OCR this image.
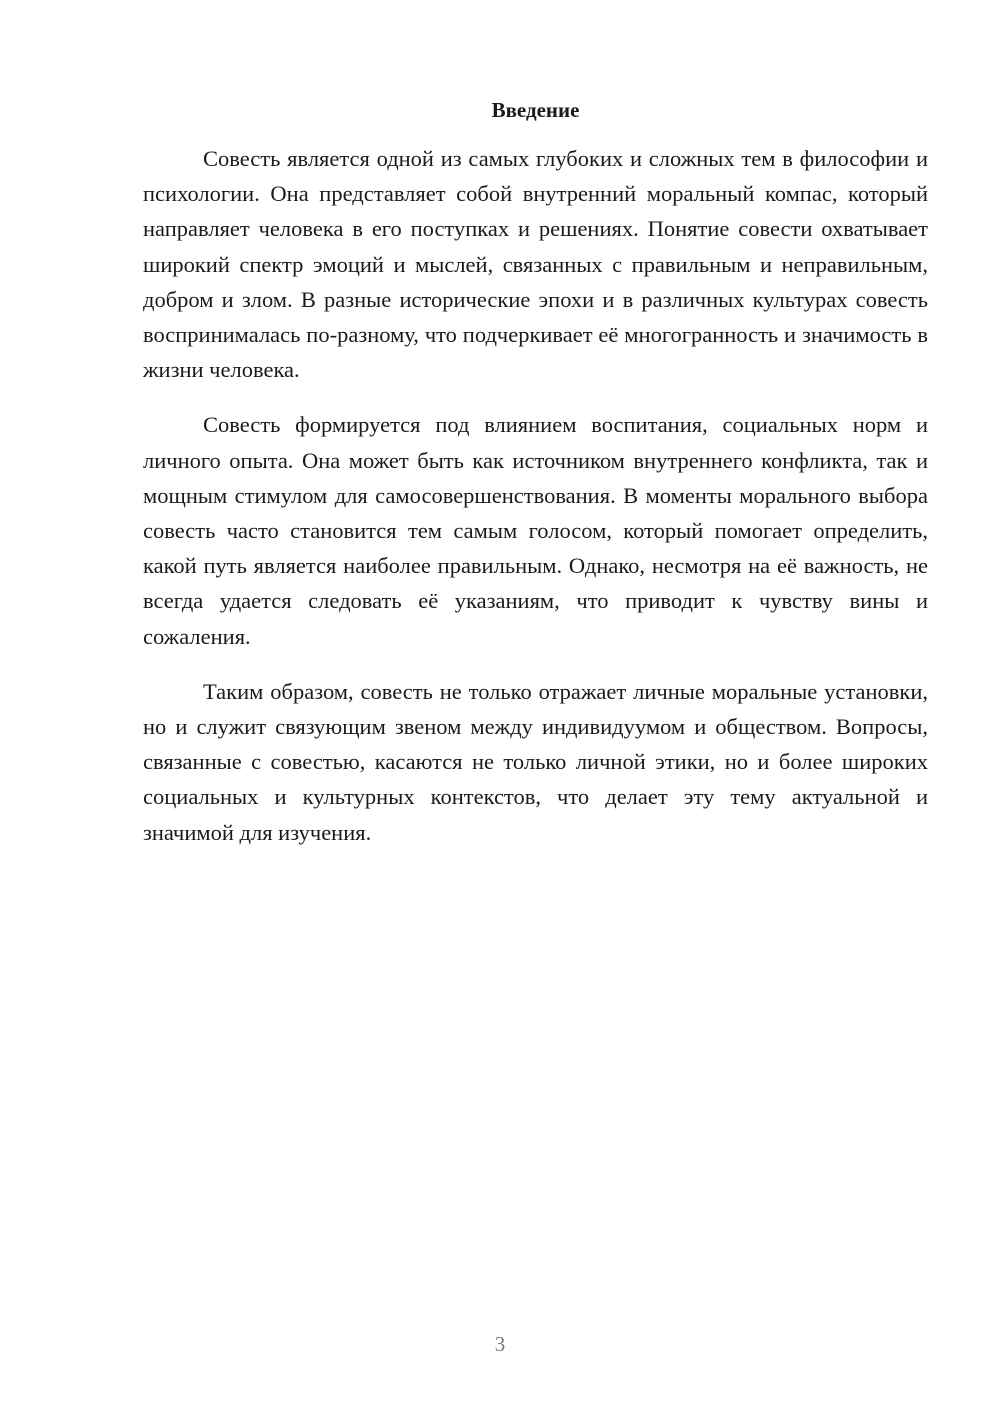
Введение

Совесть является одной из самых глубоких и сложных тем в философии и психологии. Она представляет собой внутренний моральный компас, который направляет человека в его поступках и решениях. Понятие совести охватывает широкий спектр эмоций и мыслей, связанных с правильным и неправильным, добром и злом. В разные исторические эпохи и в различных культурах совесть воспринималась по-разному, что подчеркивает её многогранность и значимость в жизни человека.

Совесть формируется под влиянием воспитания, социальных норм и личного опыта. Она может быть как источником внутреннего конфликта, так и мощным стимулом для самосовершенствования. В моменты морального выбора совесть часто становится тем самым голосом, который помогает определить, какой путь является наиболее правильным. Однако, несмотря на её важность, не всегда удается следовать её указаниям, что приводит к чувству вины и сожаления.

Таким образом, совесть не только отражает личные моральные установки, но и служит связующим звеном между индивидуумом и обществом. Вопросы, связанные с совестью, касаются не только личной этики, но и более широких социальных и культурных контекстов, что делает эту тему актуальной и значимой для изучения.

3
